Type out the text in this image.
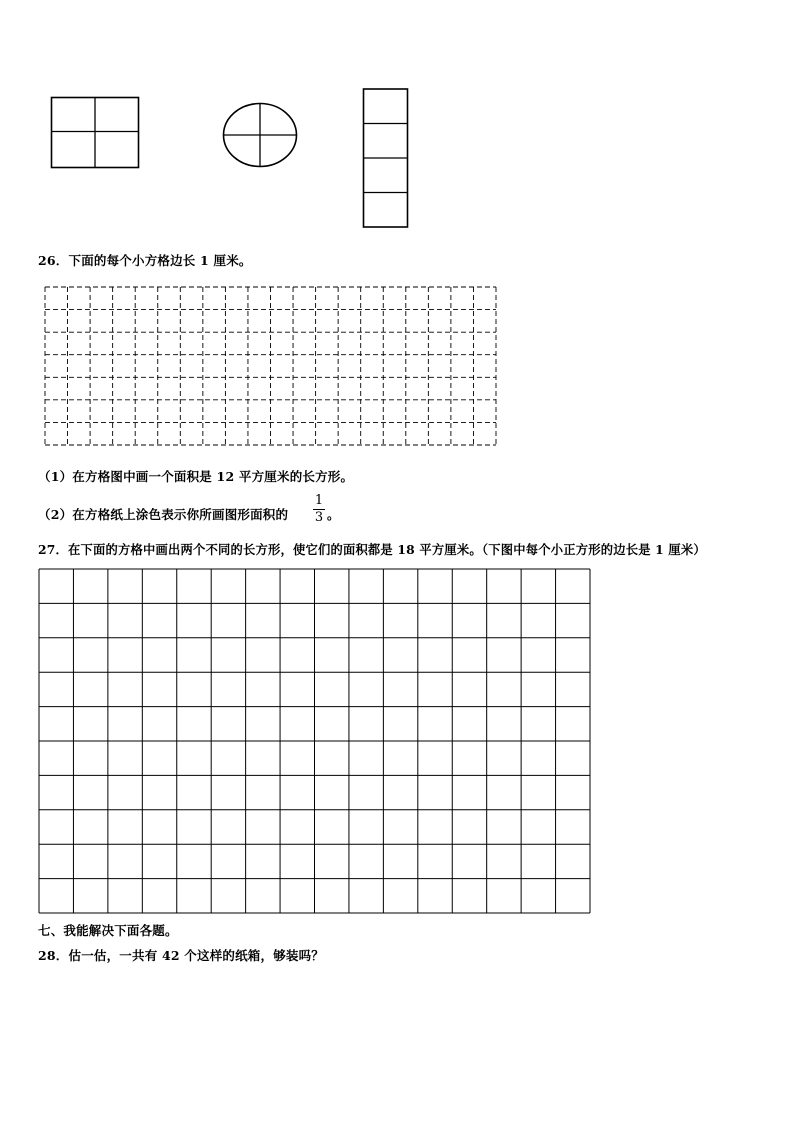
26．下面的每个小方格边长 1 厘米。
（1）在方格图中画一个面积是 12 平方厘米的长方形。
（2）在方格纸上涂色表示你所画图形面积的
1
3 。
27．在下面的方格中画出两个不同的长方形，使它们的面积都是 18 平方厘米。（下图中每个小正方形的边长是 1 厘米）
七、我能解决下面各题。
28．估一估，一共有 42 个这样的纸箱，够装吗？
